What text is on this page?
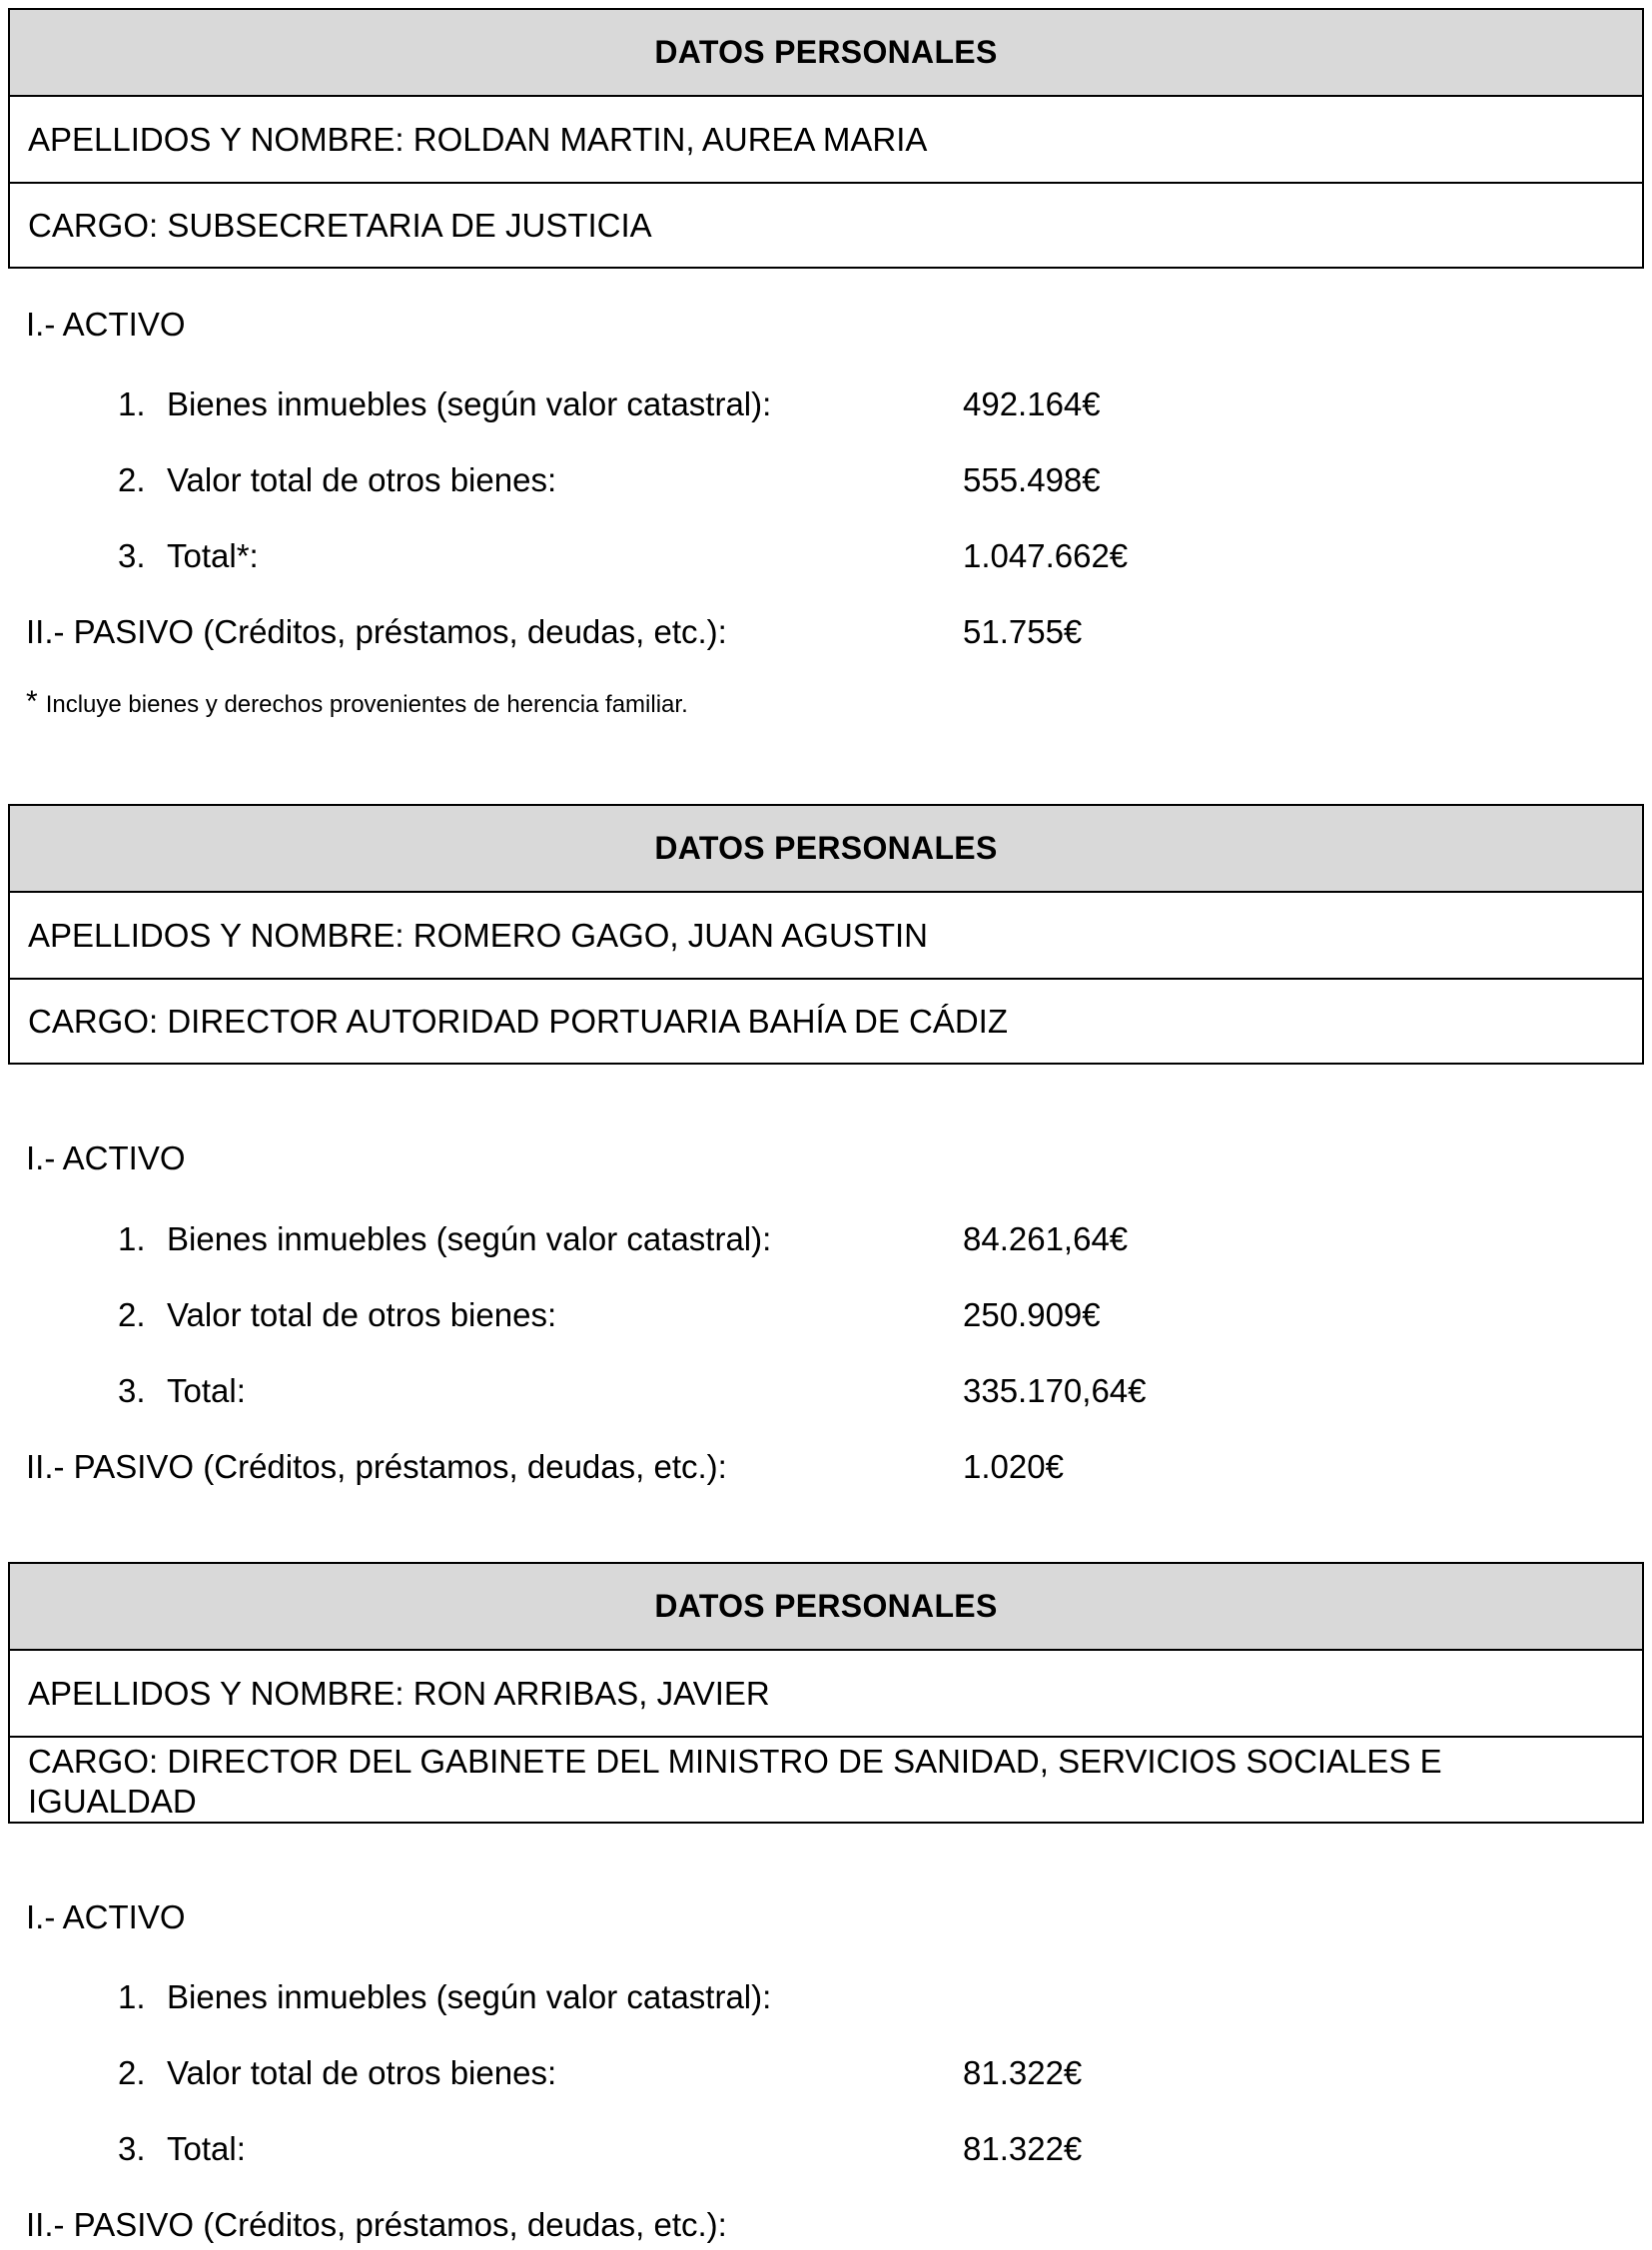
DATOS PERSONALES
APELLIDOS Y NOMBRE: ROLDAN MARTIN, AUREA MARIA
CARGO: SUBSECRETARIA DE JUSTICIA
I.- ACTIVO
1. Bienes inmuebles (según valor catastral):	492.164€
2. Valor total de otros bienes:	555.498€
3. Total*:	1.047.662€
II.- PASIVO (Créditos, préstamos, deudas, etc.):	51.755€
* Incluye bienes y derechos provenientes de herencia familiar.
DATOS PERSONALES
APELLIDOS Y NOMBRE: ROMERO GAGO, JUAN AGUSTIN
CARGO: DIRECTOR AUTORIDAD PORTUARIA BAHÍA DE CÁDIZ
I.- ACTIVO
1. Bienes inmuebles (según valor catastral):	84.261,64€
2. Valor total de otros bienes:	250.909€
3. Total:	335.170,64€
II.- PASIVO (Créditos, préstamos, deudas, etc.):	1.020€
DATOS PERSONALES
APELLIDOS Y NOMBRE: RON ARRIBAS, JAVIER
CARGO: DIRECTOR DEL GABINETE DEL MINISTRO DE SANIDAD, SERVICIOS SOCIALES E IGUALDAD
I.- ACTIVO
1. Bienes inmuebles (según valor catastral):
2. Valor total de otros bienes:	81.322€
3. Total:	81.322€
II.- PASIVO (Créditos, préstamos, deudas, etc.):
